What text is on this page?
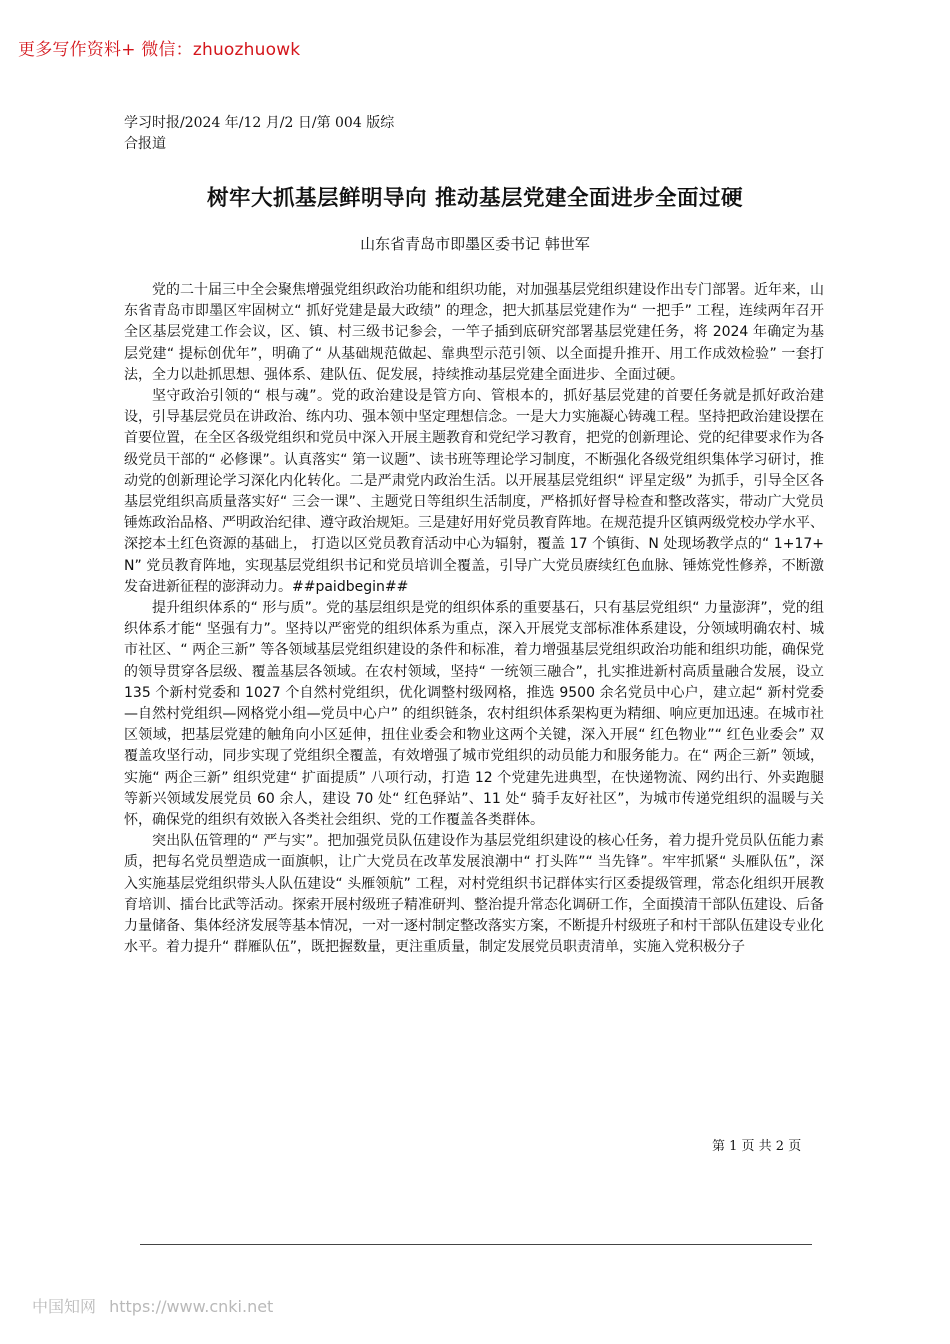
更多写作资料+ 微信：zhuozhuowk
学习时报/2024 年/12 月/2 日/第 004 版综合报道
树牢大抓基层鲜明导向 推动基层党建全面进步全面过硬
山东省青岛市即墨区委书记 韩世军

党的二十届三中全会聚焦增强党组织政治功能和组织功能，对加强基层党组织建设作出专门部署。近年来，山东省青岛市即墨区牢固树立“ 抓好党建是最大政绩” 的理念，把大抓基层党建作为“ 一把手” 工程，连续两年召开全区基层党建工作会议，区、镇、村三级书记参会，一竿子插到底研究部署基层党建任务，将 2024 年确定为基层党建“ 提标创优年”，明确了“ 从基础规范做起、靠典型示范引领、以全面提升推开、用工作成效检验” 一套打法，全力以赴抓思想、强体系、建队伍、促发展，持续推动基层党建全面进步、全面过硬。

坚守政治引领的“ 根与魂”。党的政治建设是管方向、管根本的，抓好基层党建的首要任务就是抓好政治建设，引导基层党员在讲政治、练内功、强本领中坚定理想信念。一是大力实施凝心铸魂工程。坚持把政治建设摆在首要位置，在全区各级党组织和党员中深入开展主题教育和党纪学习教育，把党的创新理论、党的纪律要求作为各级党员干部的“ 必修课”。认真落实“ 第一议题”、读书班等理论学习制度，不断强化各级党组织集体学习研讨，推动党的创新理论学习深化内化转化。二是严肃党内政治生活。以开展基层党组织“ 评星定级” 为抓手，引导全区各基层党组织高质量落实好“ 三会一课”、主题党日等组织生活制度，严格抓好督导检查和整改落实，带动广大党员锤炼政治品格、严明政治纪律、遵守政治规矩。三是建好用好党员教育阵地。在规范提升区镇两级党校办学水平、 深挖本土红色资源的基础上， 打造以区党员教育活动中心为辐射，覆盖 17 个镇街、N 处现场教学点的“ 1+17+ N” 党员教育阵地，实现基层党组织书记和党员培训全覆盖，引导广大党员赓续红色血脉、锤炼党性修养，不断激发奋进新征程的澎湃动力。##paidbegin##

提升组织体系的“ 形与质”。党的基层组织是党的组织体系的重要基石，只有基层党组织“ 力量澎湃”，党的组织体系才能“ 坚强有力”。坚持以严密党的组织体系为重点，深入开展党支部标准体系建设，分领域明确农村、城市社区、“ 两企三新” 等各领域基层党组织建设的条件和标准，着力增强基层党组织政治功能和组织功能，确保党的领导贯穿各层级、覆盖基层各领域。在农村领域，坚持“ 一统领三融合”，扎实推进新村高质量融合发展，设立 135 个新村党委和 1027 个自然村党组织，优化调整村级网格，推选 9500 余名党员中心户，建立起“ 新村党委—自然村党组织—网格党小组—党员中心户” 的组织链条，农村组织体系架构更为精细、响应更加迅速。在城市社区领域，把基层党建的触角向小区延伸，扭住业委会和物业这两个关键，深入开展“ 红色物业”“ 红色业委会” 双覆盖攻坚行动，同步实现了党组织全覆盖，有效增强了城市党组织的动员能力和服务能力。在“ 两企三新” 领域，实施“ 两企三新” 组织党建“ 扩面提质” 八项行动，打造 12 个党建先进典型，在快递物流、网约出行、外卖跑腿等新兴领域发展党员 60 余人，建设 70 处“ 红色驿站”、11 处“ 骑手友好社区”，为城市传递党组织的温暖与关怀，确保党的组织有效嵌入各类社会组织、党的工作覆盖各类群体。

突出队伍管理的“ 严与实”。把加强党员队伍建设作为基层党组织建设的核心任务，着力提升党员队伍能力素质，把每名党员塑造成一面旗帜，让广大党员在改革发展浪潮中“ 打头阵”“ 当先锋”。牢牢抓紧“ 头雁队伍”，深入实施基层党组织带头人队伍建设“ 头雁领航” 工程，对村党组织书记群体实行区委提级管理，常态化组织开展教育培训、擂台比武等活动。探索开展村级班子精准研判、整治提升常态化调研工作，全面摸清干部队伍建设、后备力量储备、集体经济发展等基本情况，一对一逐村制定整改落实方案，不断提升村级班子和村干部队伍建设专业化水平。着力提升“ 群雁队伍”，既把握数量，更注重质量，制定发展党员职责清单，实施入党积极分子

第 1 页 共 2 页
中国知网 https://www.cnki.net
